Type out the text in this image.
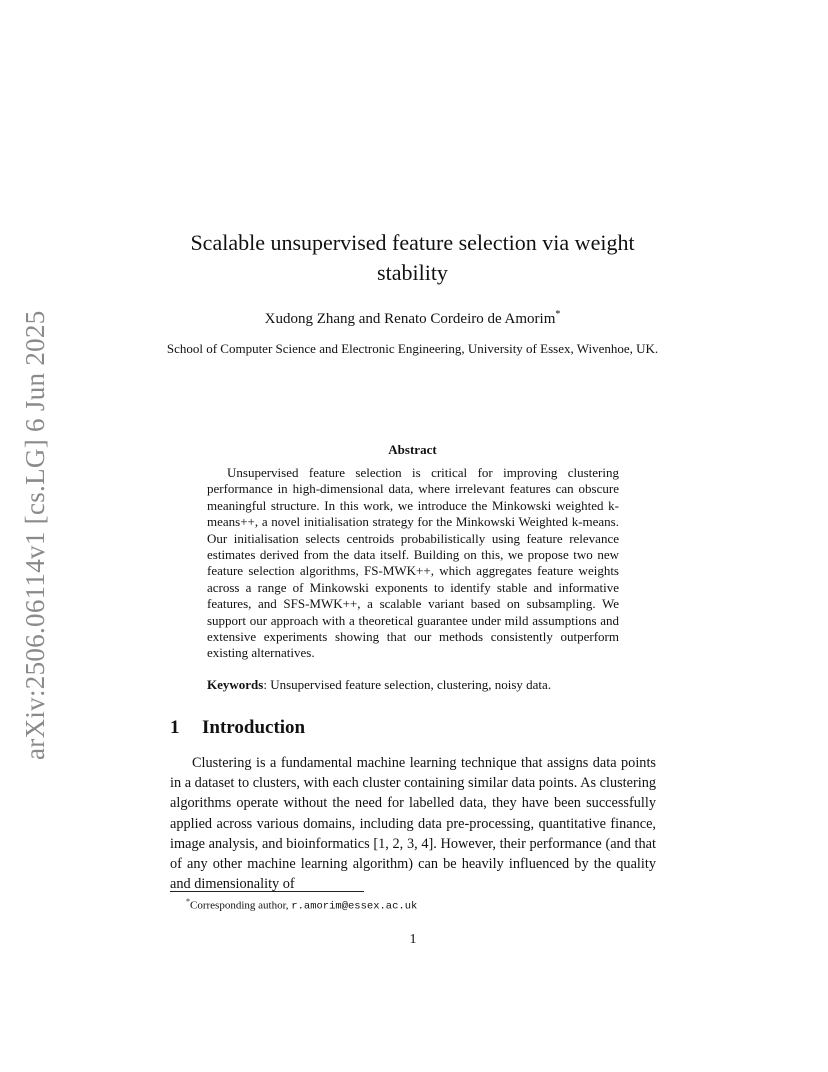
arXiv:2506.06114v1 [cs.LG] 6 Jun 2025
Scalable unsupervised feature selection via weight stability
Xudong Zhang and Renato Cordeiro de Amorim*
School of Computer Science and Electronic Engineering, University of Essex, Wivenhoe, UK.
Abstract

Unsupervised feature selection is critical for improving clustering performance in high-dimensional data, where irrelevant features can obscure meaningful structure. In this work, we introduce the Minkowski weighted k-means++, a novel initialisation strategy for the Minkowski Weighted k-means. Our initialisation selects centroids probabilistically using feature relevance estimates derived from the data itself. Building on this, we propose two new feature selection algorithms, FS-MWK++, which aggregates feature weights across a range of Minkowski exponents to identify stable and informative features, and SFS-MWK++, a scalable variant based on subsampling. We support our approach with a theoretical guarantee under mild assumptions and extensive experiments showing that our methods consistently outperform existing alternatives.

Keywords: Unsupervised feature selection, clustering, noisy data.
1 Introduction

Clustering is a fundamental machine learning technique that assigns data points in a dataset to clusters, with each cluster containing similar data points. As clustering algorithms operate without the need for labelled data, they have been successfully applied across various domains, including data pre-processing, quantitative finance, image analysis, and bioinformatics [1, 2, 3, 4]. However, their performance (and that of any other machine learning algorithm) can be heavily influenced by the quality and dimensionality of

*Corresponding author, r.amorim@essex.ac.uk
1
